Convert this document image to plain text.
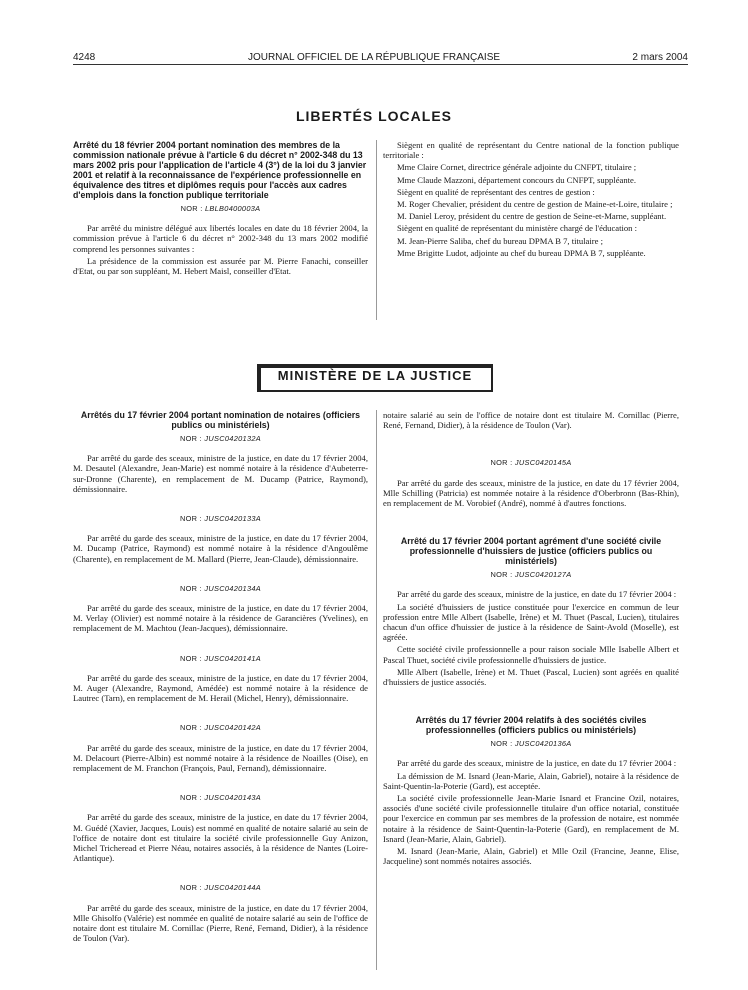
4248	JOURNAL OFFICIEL DE LA RÉPUBLIQUE FRANÇAISE	2 mars 2004
LIBERTÉS LOCALES
Arrêté du 18 février 2004 portant nomination des membres de la commission nationale prévue à l'article 6 du décret n° 2002-348 du 13 mars 2002 pris pour l'application de l'article 4 (3°) de la loi du 3 janvier 2001 et relatif à la reconnaissance de l'expérience professionnelle en équivalence des titres et diplômes requis pour l'accès aux cadres d'emplois dans la fonction publique territoriale
NOR : LBLB0400003A

Par arrêté du ministre délégué aux libertés locales en date du 18 février 2004, la commission prévue à l'article 6 du décret n° 2002-348 du 13 mars 2002 modifié comprend les personnes suivantes :

La présidence de la commission est assurée par M. Pierre Fanachi, conseiller d'Etat, ou par son suppléant, M. Hebert Maisl, conseiller d'Etat.

Siègent en qualité de représentant du Centre national de la fonction publique territoriale :

Mme Claire Cornet, directrice générale adjointe du CNFPT, titulaire ;

Mme Claude Mazzoni, département concours du CNFPT, suppléante.

Siègent en qualité de représentant des centres de gestion :

M. Roger Chevalier, président du centre de gestion de Maine-et-Loire, titulaire ;

M. Daniel Leroy, président du centre de gestion de Seine-et-Marne, suppléant.

Siègent en qualité de représentant du ministère chargé de l'éducation :

M. Jean-Pierre Saliba, chef du bureau DPMA B 7, titulaire ;

Mme Brigitte Ludot, adjointe au chef du bureau DPMA B 7, suppléante.

MINISTÈRE DE LA JUSTICE
Arrêtés du 17 février 2004 portant nomination de notaires (officiers publics ou ministériels)
NOR : JUSC0420132A

Par arrêté du garde des sceaux, ministre de la justice, en date du 17 février 2004, M. Desautel (Alexandre, Jean-Marie) est nommé notaire à la résidence d'Aubeterre-sur-Dronne (Charente), en remplacement de M. Ducamp (Patrice, Raymond), démissionnaire.

NOR : JUSC0420133A

Par arrêté du garde des sceaux, ministre de la justice, en date du 17 février 2004, M. Ducamp (Patrice, Raymond) est nommé notaire à la résidence d'Angoulême (Charente), en remplacement de M. Mallard (Pierre, Jean-Claude), démissionnaire.

NOR : JUSC0420134A

Par arrêté du garde des sceaux, ministre de la justice, en date du 17 février 2004, M. Verlay (Olivier) est nommé notaire à la résidence de Garancières (Yvelines), en remplacement de M. Machtou (Jean-Jacques), démissionnaire.

NOR : JUSC0420141A

Par arrêté du garde des sceaux, ministre de la justice, en date du 17 février 2004, M. Auger (Alexandre, Raymond, Amédée) est nommé notaire à la résidence de Lautrec (Tarn), en remplacement de M. Herail (Michel, Henry), démissionnaire.

NOR : JUSC0420142A

Par arrêté du garde des sceaux, ministre de la justice, en date du 17 février 2004, M. Delacourt (Pierre-Albin) est nommé notaire à la résidence de Noailles (Oise), en remplacement de M. Franchon (François, Paul, Fernand), démissionnaire.

NOR : JUSC0420143A

Par arrêté du garde des sceaux, ministre de la justice, en date du 17 février 2004, M. Guédé (Xavier, Jacques, Louis) est nommé en qualité de notaire salarié au sein de l'office de notaire dont est titulaire la société civile professionnelle Guy Anizon, Michel Tricheread et Pierre Néau, notaires associés, à la résidence de Nantes (Loire-Atlantique).

NOR : JUSC0420144A

Par arrêté du garde des sceaux, ministre de la justice, en date du 17 février 2004, Mlle Ghisolfo (Valérie) est nommée en qualité de notaire salarié au sein de l'office de notaire dont est titulaire M. Cornillac (Pierre, René, Fernand, Didier), à la résidence de Toulon (Var).

notaire salarié au sein de l'office de notaire dont est titulaire M. Cornillac (Pierre, René, Fernand, Didier), à la résidence de Toulon (Var).

NOR : JUSC0420145A

Par arrêté du garde des sceaux, ministre de la justice, en date du 17 février 2004, Mlle Schilling (Patricia) est nommée notaire à la résidence d'Oberbronn (Bas-Rhin), en remplacement de M. Vorobief (André), nommé à d'autres fonctions.

Arrêté du 17 février 2004 portant agrément d'une société civile professionnelle d'huissiers de justice (officiers publics ou ministériels)
NOR : JUSC0420127A

Par arrêté du garde des sceaux, ministre de la justice, en date du 17 février 2004 :

La société d'huissiers de justice constituée pour l'exercice en commun de leur profession entre Mlle Albert (Isabelle, Irène) et M. Thuet (Pascal, Lucien), titulaires chacun d'un office d'huissier de justice à la résidence de Saint-Avold (Moselle), est agréée.

Cette société civile professionnelle a pour raison sociale Mlle Isabelle Albert et Pascal Thuet, société civile professionnelle d'huissiers de justice.

Mlle Albert (Isabelle, Irène) et M. Thuet (Pascal, Lucien) sont agréés en qualité d'huissiers de justice associés.

Arrêtés du 17 février 2004 relatifs à des sociétés civiles professionnelles (officiers publics ou ministériels)
NOR : JUSC0420136A

Par arrêté du garde des sceaux, ministre de la justice, en date du 17 février 2004 :

La démission de M. Isnard (Jean-Marie, Alain, Gabriel), notaire à la résidence de Saint-Quentin-la-Poterie (Gard), est acceptée.

La société civile professionnelle Jean-Marie Isnard et Francine Ozil, notaires, associés d'une société civile professionnelle titulaire d'un office notarial, constituée pour l'exercice en commun par ses membres de la profession de notaire, est nommée notaire à la résidence de Saint-Quentin-la-Poterie (Gard), en remplacement de M. Isnard (Jean-Marie, Alain, Gabriel).

M. Isnard (Jean-Marie, Alain, Gabriel) et Mlle Ozil (Francine, Jeanne, Elise, Jacqueline) sont nommés notaires associés.
